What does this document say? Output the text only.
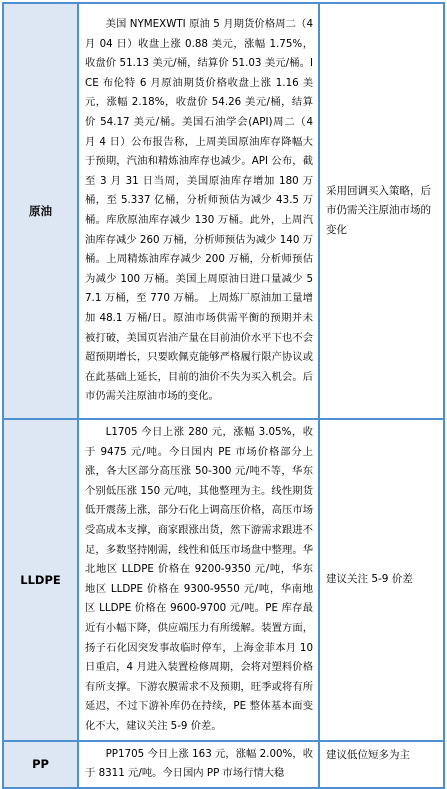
原油	美国 NYMEXWTI 原油 5 月期货价格周二（4 月 04 日）收盘上涨 0.88 美元，涨幅 1.75%，收盘价 51.13 美元/桶，结算价 51.03 美元/桶。ICE 布伦特 6 月原油期货价格收盘上涨 1.16 美元，涨幅 2.18%，收盘价 54.26 美元/桶，结算价 54.17 美元/桶。美国石油学会(API)周二（4 月 4 日）公布报告称，上周美国原油库存降幅大于预期，汽油和精炼油库存也减少。API 公布，截至 3 月 31 日当周，美国原油库存增加 180 万桶，至 5.337 亿桶，分析师预估为减少 43.5 万桶。库欣原油库存减少 130 万桶。此外，上周汽油库存减少 260 万桶，分析师预估为减少 140 万桶。上周精炼油库存减少 200 万桶，分析师预估为减少 100 万桶。美国上周原油日进口量减少 57.1 万桶，至 770 万桶。 上周炼厂原油加工量增加 48.1 万桶/日。原油市场供需平衡的预期并未被打破，美国页岩油产量在目前油价水平下也不会超预期增长，只要欧佩克能够严格履行限产协议或在此基础上延长，目前的油价不失为买入机会。后市仍需关注原油市场的变化。	采用回调买入策略，后市仍需关注原油市场的变化

LLDPE	L1705 今日上涨 280 元，涨幅 3.05%，收于 9475 元/吨。今日国内 PE 市场价格部分上涨，各大区部分高压涨 50-300 元/吨不等，华东个别低压涨 150 元/吨，其他整理为主。线性期货低开震荡上涨，部分石化上调高压价格，高压市场受高成本支撑，商家跟涨出货，然下游需求跟进不足，多数坚持刚需，线性和低压市场盘中整理。华北地区 LLDPE 价格在 9200-9350 元/吨，华东地区 LLDPE 价格在 9300-9550 元/吨，华南地区 LLDPE 价格在 9600-9700 元/吨。PE 库存最近有小幅下降，供应端压力有所缓解。装置方面， 扬子石化因突发事故临时停车，上海金菲本月 10 日重启，4 月进入装置检修周期，会将对塑料价格有所支撑。下游农膜需求不及预期，旺季或将有所延迟，不过下游补库仍在持续，PE 整体基本面变化不大，建议关注 5-9 价差。	建议关注 5-9 价差

PP	PP1705 今日上涨 163 元，涨幅 2.00%，收于 8311 元/吨。今日国内 PP 市场行情大稳	建议低位短多为主
